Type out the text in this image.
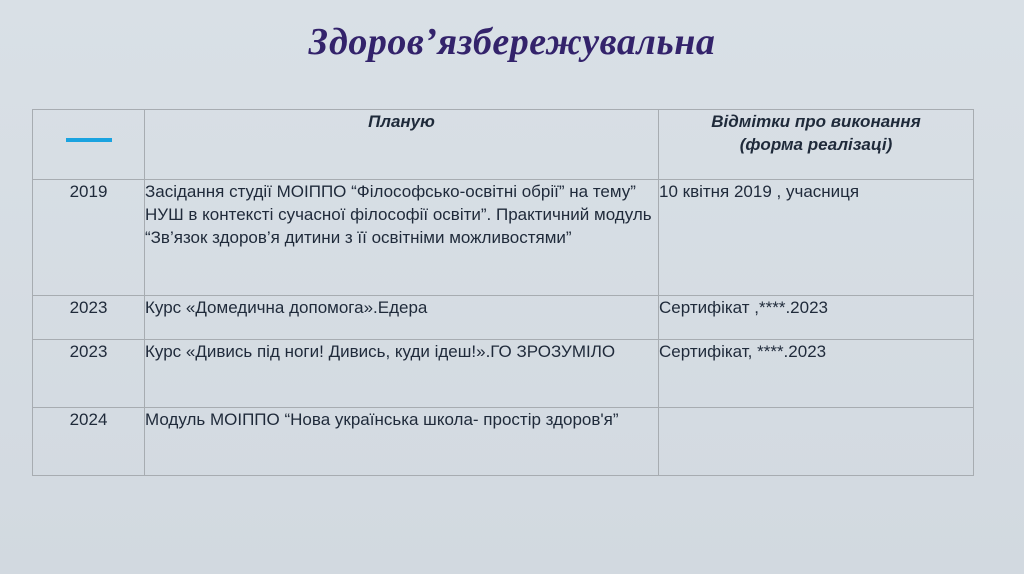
Здоров’язбережувальна
	Планую	Відмітки про виконання
(форма реалізаці)

2019	Засідання студії МОІППО “Філософсько-освітні обрії” на тему” НУШ в контексті сучасної філософії освіти”. Практичний модуль “Зв’язок здоров’я дитини з її освітніми можливостями”	10 квітня 2019 , учасниця
2023	Курс «Домедична допомога».Едера	Сертифікат ,****.2023
2023	Курс «Дивись під ноги! Дивись, куди ідеш!».ГО ЗРОЗУМІЛО	Сертифікат, ****.2023
2024	Модуль МОІППО “Нова українська школа- простір здоров'я”	
